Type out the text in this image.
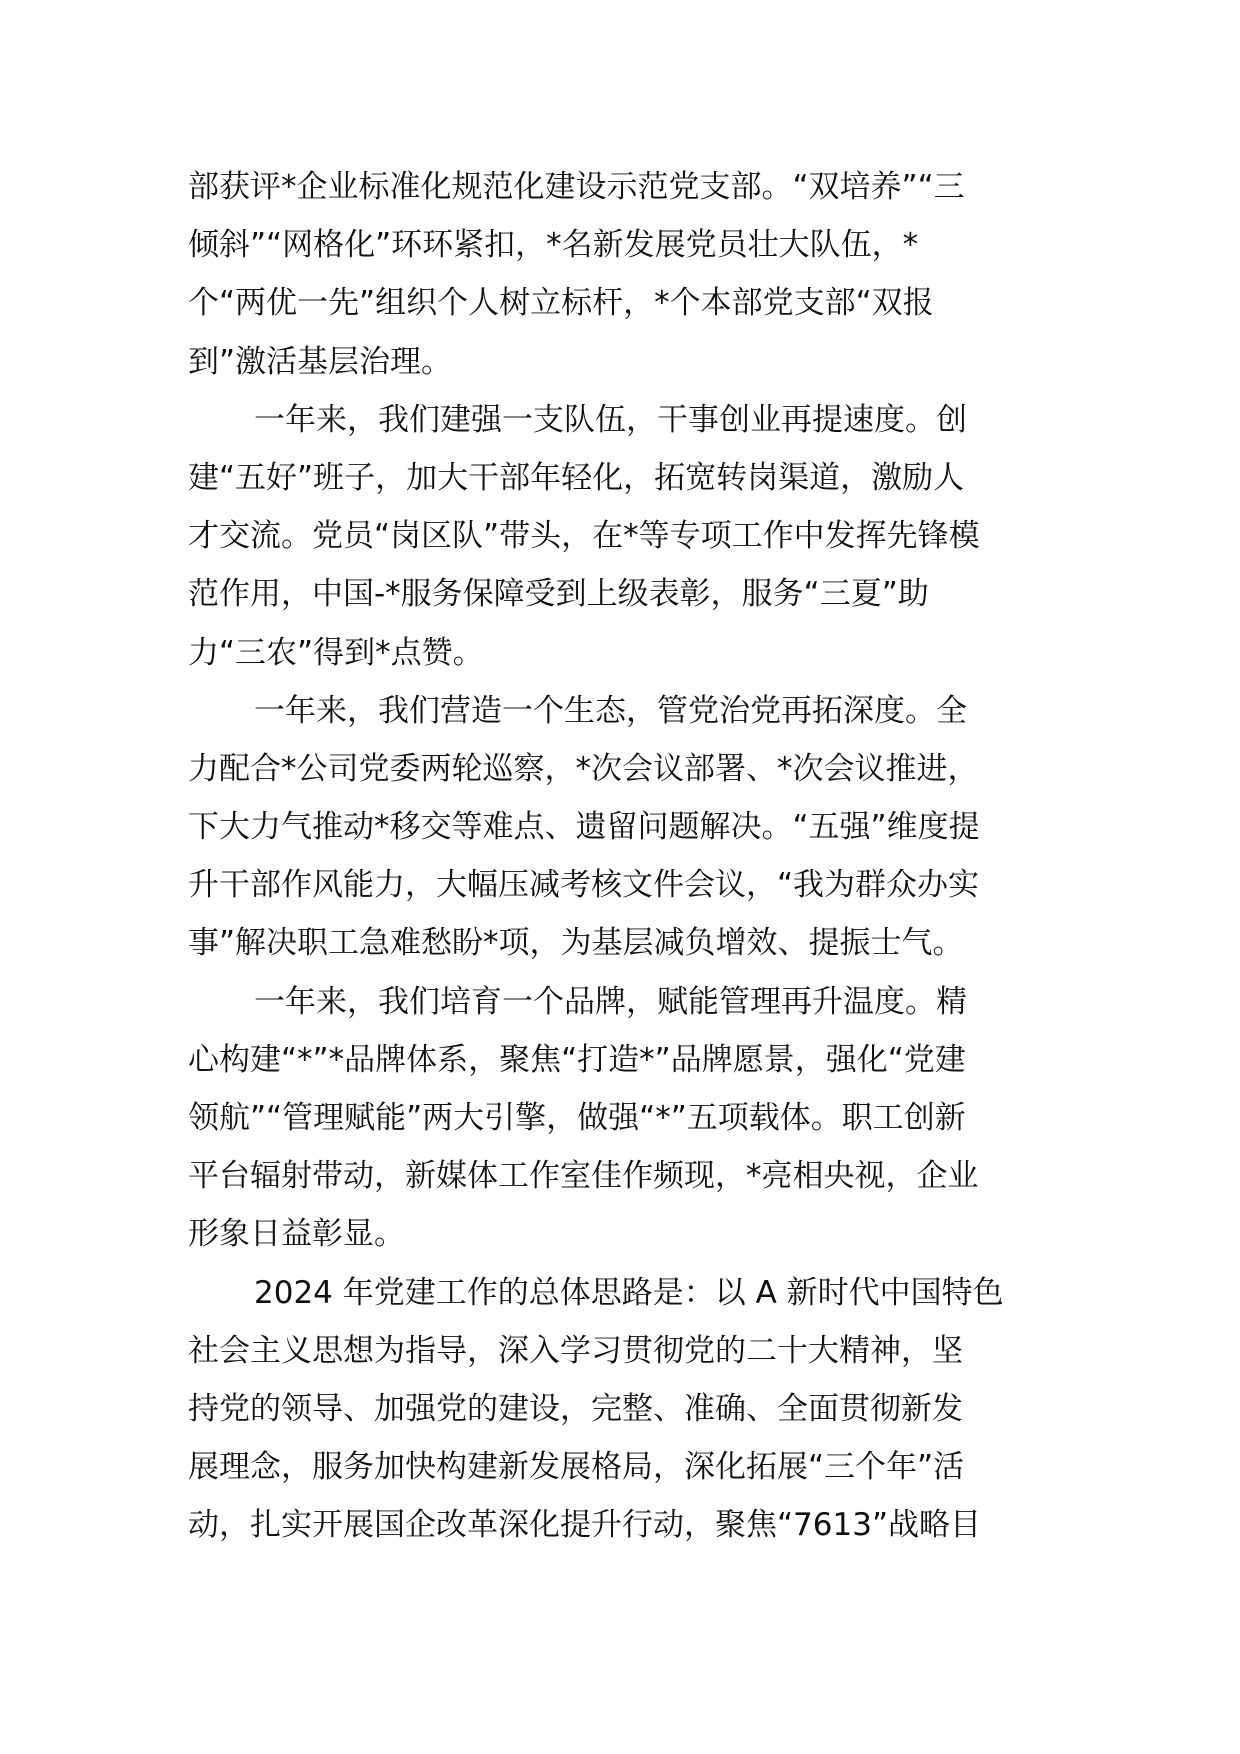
部获评*企业标准化规范化建设示范党支部。“双培养”“三
倾斜”“网格化”环环紧扣，*名新发展党员壮大队伍，*
个“两优一先”组织个人树立标杆，*个本部党支部“双报
到”激活基层治理。
一年来，我们建强一支队伍，干事创业再提速度。创
建“五好”班子，加大干部年轻化，拓宽转岗渠道，激励人
才交流。党员“岗区队”带头，在*等专项工作中发挥先锋模
范作用，中国-*服务保障受到上级表彰，服务“三夏”助
力“三农”得到*点赞。
一年来，我们营造一个生态，管党治党再拓深度。全
力配合*公司党委两轮巡察，*次会议部署、*次会议推进，
下大力气推动*移交等难点、遗留问题解决。“五强”维度提
升干部作风能力，大幅压减考核文件会议，“我为群众办实
事”解决职工急难愁盼*项，为基层减负增效、提振士气。
一年来，我们培育一个品牌，赋能管理再升温度。精
心构建“*”*品牌体系，聚焦“打造*”品牌愿景，强化“党建
领航”“管理赋能”两大引擎，做强“*”五项载体。职工创新
平台辐射带动，新媒体工作室佳作频现，*亮相央视，企业
形象日益彰显。
2024 年党建工作的总体思路是：以 A 新时代中国特色
社会主义思想为指导，深入学习贯彻党的二十大精神，坚
持党的领导、加强党的建设，完整、准确、全面贯彻新发
展理念，服务加快构建新发展格局，深化拓展“三个年”活
动，扎实开展国企改革深化提升行动，聚焦“7613”战略目
